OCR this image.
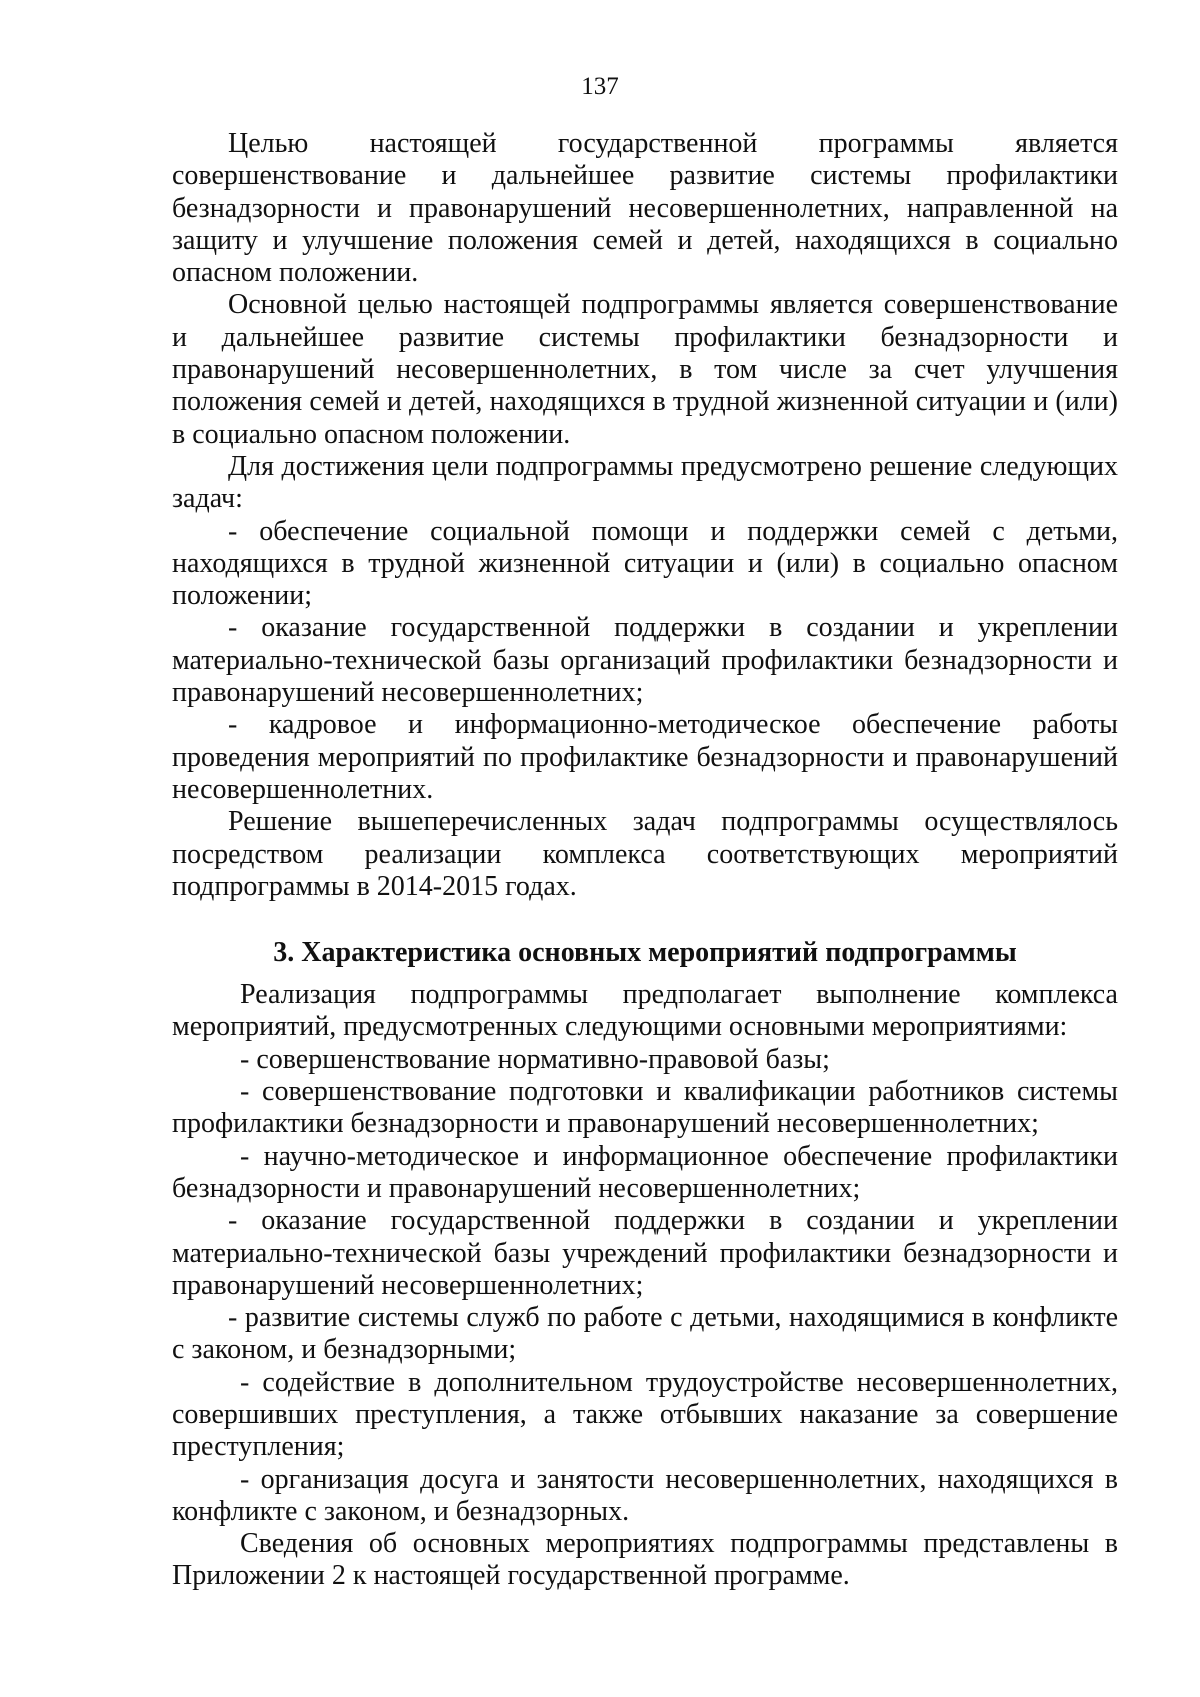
137

Целью настоящей государственной программы является совершенствование и дальнейшее развитие системы профилактики безнадзорности и правонарушений несовершеннолетних, направленной на защиту и улучшение положения семей и детей, находящихся в социально опасном положении.

Основной целью настоящей подпрограммы является совершенствование и дальнейшее развитие системы профилактики безнадзорности и правонарушений несовершеннолетних, в том числе за счет улучшения положения семей и детей, находящихся в трудной жизненной ситуации и (или) в социально опасном положении.

Для достижения цели подпрограммы предусмотрено решение следующих задач:

- обеспечение социальной помощи и поддержки семей с детьми, находящихся в трудной жизненной ситуации и (или) в социально опасном положении;

- оказание государственной поддержки в создании и укреплении материально-технической базы организаций профилактики безнадзорности и правонарушений несовершеннолетних;

- кадровое и информационно-методическое обеспечение работы проведения мероприятий по профилактике безнадзорности и правонарушений несовершеннолетних.

Решение вышеперечисленных задач подпрограммы осуществлялось посредством реализации комплекса соответствующих мероприятий подпрограммы в 2014-2015 годах.

3. Характеристика основных мероприятий подпрограммы

Реализация подпрограммы предполагает выполнение комплекса мероприятий, предусмотренных следующими основными мероприятиями:

- совершенствование нормативно-правовой базы;

- совершенствование подготовки и квалификации работников системы профилактики безнадзорности и правонарушений несовершеннолетних;

- научно-методическое и информационное обеспечение профилактики безнадзорности и правонарушений несовершеннолетних;

- оказание государственной поддержки в создании и укреплении материально-технической базы учреждений профилактики безнадзорности и правонарушений несовершеннолетних;

- развитие системы служб по работе с детьми, находящимися в конфликте с законом, и безнадзорными;

- содействие в дополнительном трудоустройстве несовершеннолетних, совершивших преступления, а также отбывших наказание за совершение преступления;

- организация досуга и занятости несовершеннолетних, находящихся в конфликте с законом, и безнадзорных.

Сведения об основных мероприятиях подпрограммы представлены в Приложении 2 к настоящей государственной программе.
